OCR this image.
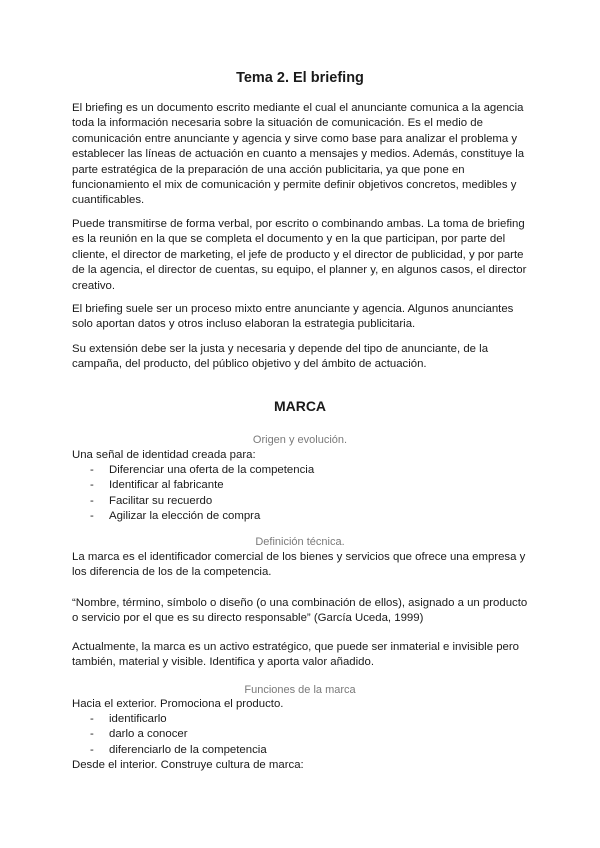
Tema 2. El briefing

El briefing es un documento escrito mediante el cual el anunciante comunica a la agencia toda la información necesaria sobre la situación de comunicación. Es el medio de comunicación entre anunciante y agencia y sirve como base para analizar el problema y establecer las líneas de actuación en cuanto a mensajes y medios. Además, constituye la parte estratégica de la preparación de una acción publicitaria, ya que pone en funcionamiento el mix de comunicación y permite definir objetivos concretos, medibles y cuantificables.

Puede transmitirse de forma verbal, por escrito o combinando ambas. La toma de briefing es la reunión en la que se completa el documento y en la que participan, por parte del cliente, el director de marketing, el jefe de producto y el director de publicidad, y por parte de la agencia, el director de cuentas, su equipo, el planner y, en algunos casos, el director creativo.

El briefing suele ser un proceso mixto entre anunciante y agencia. Algunos anunciantes solo aportan datos y otros incluso elaboran la estrategia publicitaria.

Su extensión debe ser la justa y necesaria y depende del tipo de anunciante, de la campaña, del producto, del público objetivo y del ámbito de actuación.

MARCA
Origen y evolución.
Una señal de identidad creada para:
- Diferenciar una oferta de la competencia
- Identificar al fabricante
- Facilitar su recuerdo
- Agilizar la elección de compra
Definición técnica.

La marca es el identificador comercial de los bienes y servicios que ofrece una empresa y los diferencia de los de la competencia.

“Nombre, término, símbolo o diseño (o una combinación de ellos), asignado a un producto o servicio por el que es su directo responsable” (García Uceda, 1999)

Actualmente, la marca es un activo estratégico, que puede ser inmaterial e invisible pero también, material y visible. Identifica y aporta valor añadido.

Funciones de la marca
Hacia el exterior. Promociona el producto.
- identificarlo
- darlo a conocer
- diferenciarlo de la competencia
Desde el interior. Construye cultura de marca:
